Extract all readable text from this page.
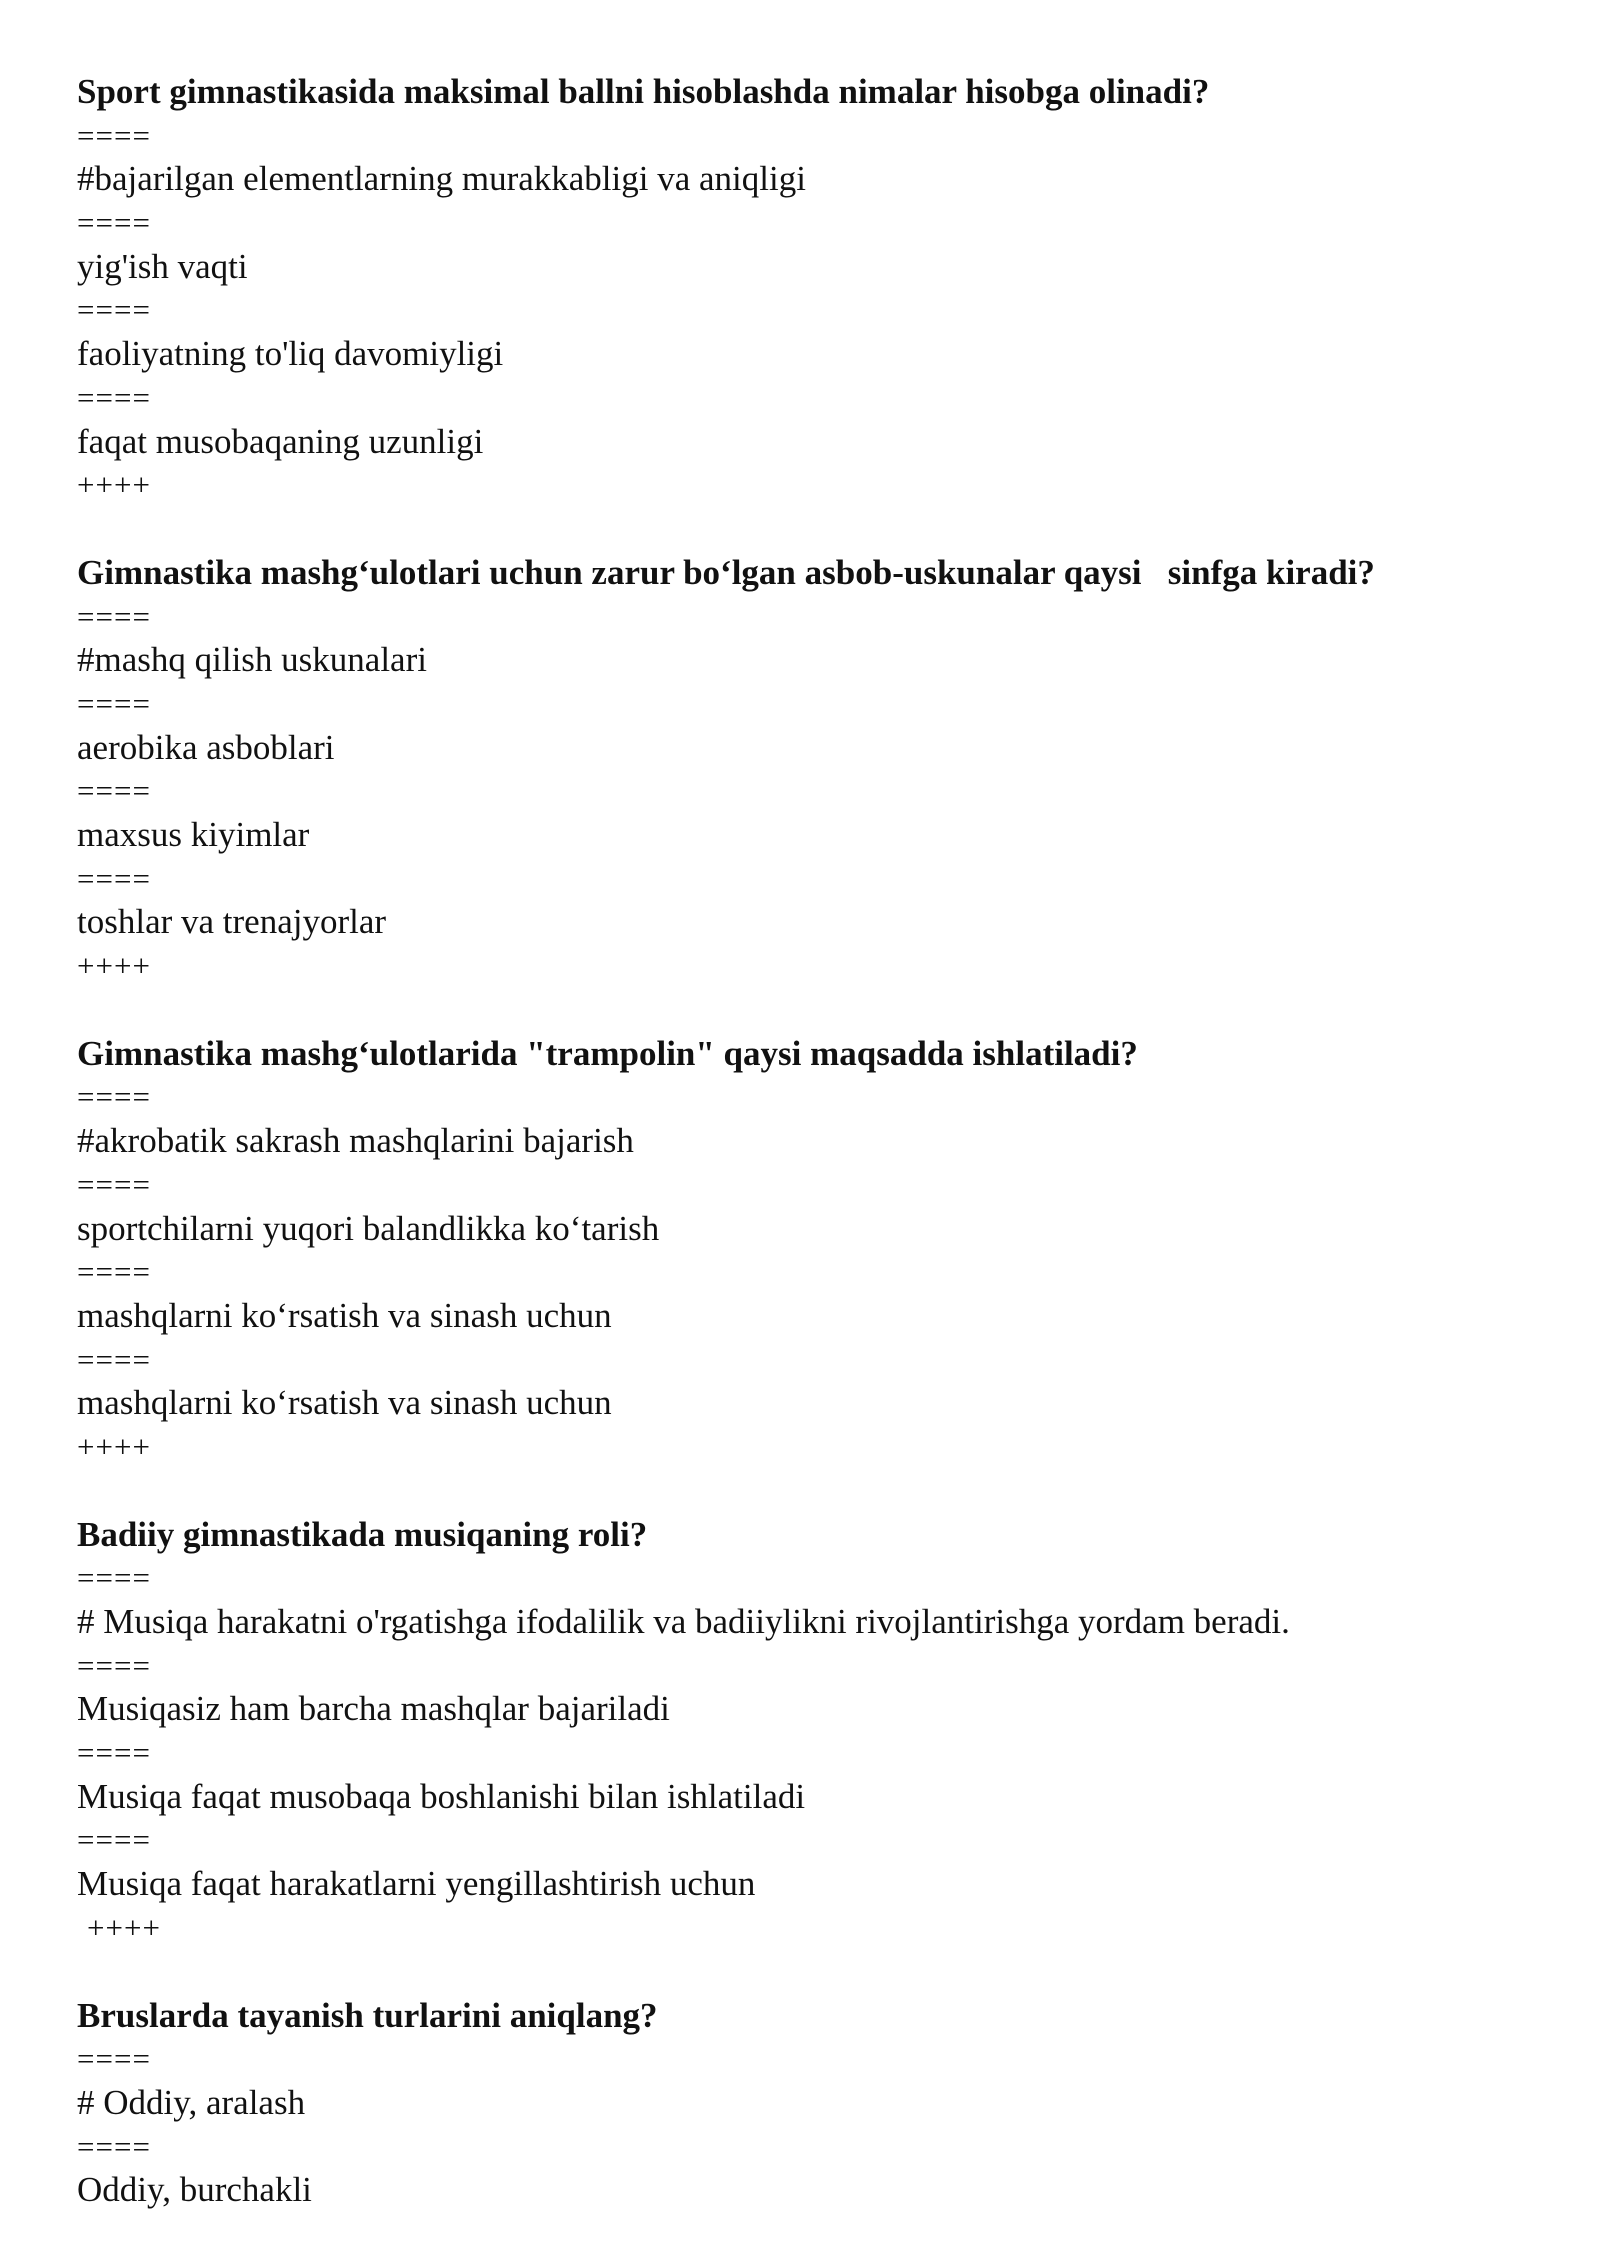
Sport gimnastikasida maksimal ballni hisoblashda nimalar hisobga olinadi?
====
#bajarilgan elementlarning murakkabligi va aniqligi
====
yig'ish vaqti
====
faoliyatning to'liq davomiyligi
====
faqat musobaqaning uzunligi
++++
Gimnastika mashg‘ulotlari uchun zarur bo‘lgan asbob-uskunalar qaysi   sinfga kiradi?
====
#mashq qilish uskunalari
====
aerobika asboblari
====
maxsus kiyimlar
====
toshlar va trenajyorlar
++++
Gimnastika mashg‘ulotlarida "trampolin" qaysi maqsadda ishlatiladi?
====
#akrobatik sakrash mashqlarini bajarish
====
sportchilarni yuqori balandlikka ko‘tarish
====
mashqlarni ko‘rsatish va sinash uchun
====
mashqlarni ko‘rsatish va sinash uchun
++++
Badiiy gimnastikada musiqaning roli?
====
# Musiqa harakatni o'rgatishga ifodalilik va badiiylikni rivojlantirishga yordam beradi.
====
Musiqasiz ham barcha mashqlar bajariladi
====
Musiqa faqat musobaqa boshlanishi bilan ishlatiladi
====
Musiqa faqat harakatlarni yengillashtirish uchun
++++
Bruslarda tayanish turlarini aniqlang?
====
# Oddiy, aralash
====
Oddiy, burchakli
